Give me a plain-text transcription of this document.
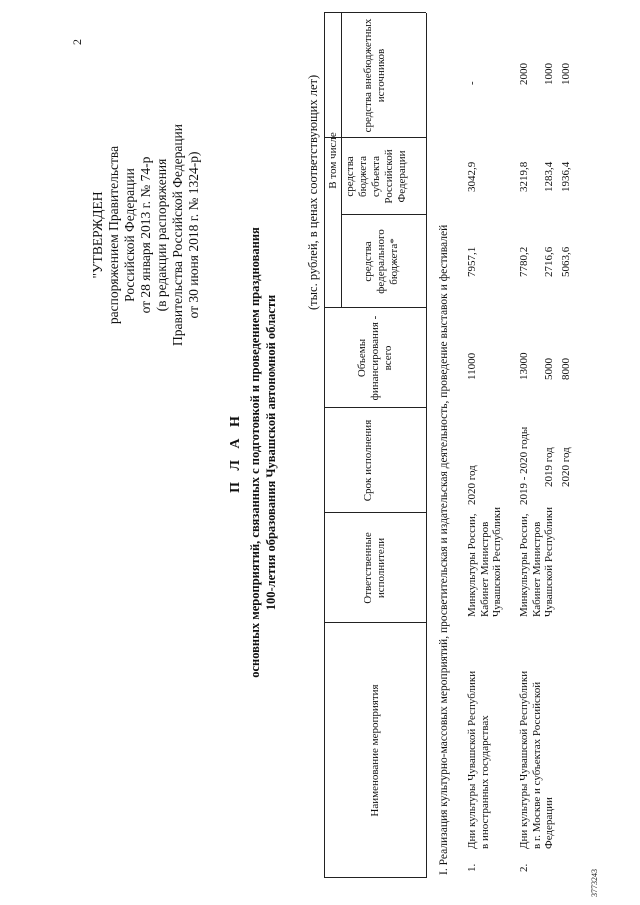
2
"УТВЕРЖДЕН распоряжением Правительства Российской Федерации от 28 января 2013 г. № 74-р (в редакции распоряжения Правительства Российской Федерации от 30 июня 2018 г. № 1324-р)
П Л А Н основных мероприятий, связанных с подготовкой и проведением празднования 100-летия образования Чувашской автономной области
(тыс. рублей, в ценах соответствующих лет)
Наименование мероприятия
Ответственные исполнители
Срок исполнения
Объемы финансирования - всего
В том числе
средства федерального бюджета*
средства бюджета субъекта Российской Федерации
средства внебюджетных источников
I. Реализация культурно-массовых мероприятий, просветительская и издательская деятельность, проведение выставок и фестивалей 1.
Дни культуры Чувашской Республики в иностранных государствах
Минкультуры России, Кабинет Министров Чувашской Республики
2020 год
11000
7957,1
3042,9
-
2.
Дни культуры Чувашской Республики в г. Москве и субъектах Российской Федерации
Минкультуры России, Кабинет Министров Чувашской Республики
2019 - 2020 годы 2019 год 2020 год
13000 5000 8000
7780,2 2716,6 5063,6
3219,8 1283,4 1936,4
2000 1000 1000
3773243
